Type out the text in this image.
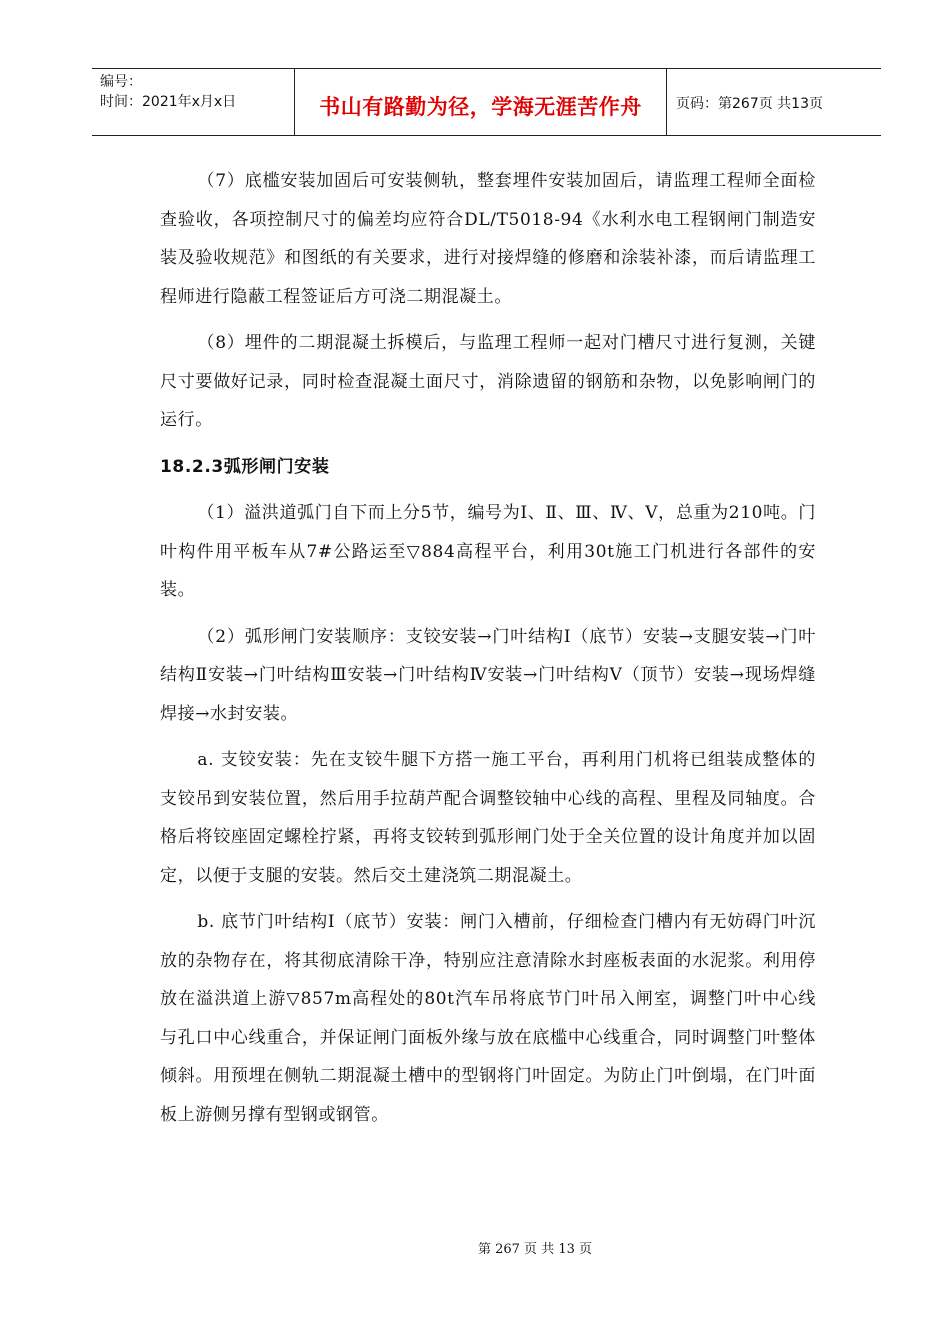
编号：
时间：2021年x月x日	书山有路勤为径，学海无涯苦作舟	页码：第267页 共13页

（7）底槛安装加固后可安装侧轨，整套埋件安装加固后，请监理工程师全面检查验收，各项控制尺寸的偏差均应符合DL/T5018-94《水利水电工程钢闸门制造安装及验收规范》和图纸的有关要求，进行对接焊缝的修磨和涂装补漆，而后请监理工程师进行隐蔽工程签证后方可浇二期混凝土。

（8）埋件的二期混凝土拆模后，与监理工程师一起对门槽尺寸进行复测，关键尺寸要做好记录，同时检查混凝土面尺寸，消除遗留的钢筋和杂物，以免影响闸门的运行。

18.2.3弧形闸门安装

（1）溢洪道弧门自下而上分5节，编号为Ⅰ、Ⅱ、Ⅲ、Ⅳ、Ⅴ，总重为210吨。门叶构件用平板车从7#公路运至▽884高程平台，利用30t施工门机进行各部件的安装。

（2）弧形闸门安装顺序：支铰安装→门叶结构Ⅰ（底节）安装→支腿安装→门叶结构Ⅱ安装→门叶结构Ⅲ安装→门叶结构Ⅳ安装→门叶结构Ⅴ（顶节）安装→现场焊缝焊接→水封安装。

a. 支铰安装：先在支铰牛腿下方搭一施工平台，再利用门机将已组装成整体的支铰吊到安装位置，然后用手拉葫芦配合调整铰轴中心线的高程、里程及同轴度。合格后将铰座固定螺栓拧紧，再将支铰转到弧形闸门处于全关位置的设计角度并加以固定，以便于支腿的安装。然后交土建浇筑二期混凝土。

b. 底节门叶结构Ⅰ（底节）安装：闸门入槽前，仔细检查门槽内有无妨碍门叶沉放的杂物存在，将其彻底清除干净，特别应注意清除水封座板表面的水泥浆。利用停放在溢洪道上游▽857m高程处的80t汽车吊将底节门叶吊入闸室，调整门叶中心线与孔口中心线重合，并保证闸门面板外缘与放在底槛中心线重合，同时调整门叶整体倾斜。用预埋在侧轨二期混凝土槽中的型钢将门叶固定。为防止门叶倒塌，在门叶面板上游侧另撑有型钢或钢管。

第 267 页 共 13 页
